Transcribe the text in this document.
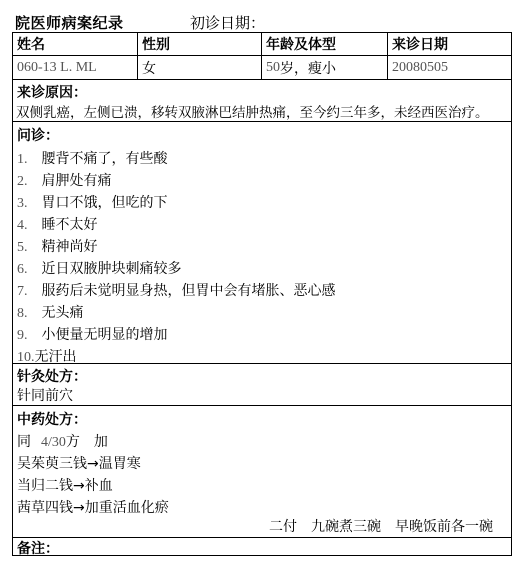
院医师病案纪录	初诊日期：
姓名	性别	年龄及体型	来诊日期
060-13 L. ML	女	50 岁，瘦小	20080505
来诊原因：
双侧乳癌，左侧已溃，移转双腋淋巴结肿热痛，至今约三年多，未经西医治疗。
问诊：
1. 腰背不痛了，有些酸
2. 肩胛处有痛
3. 胃口不饿，但吃的下
4. 睡不太好
5. 精神尚好
6. 近日双腋肿块刺痛较多
7. 服药后未觉明显身热，但胃中会有堵胀、恶心感
8. 无头痛
9. 小便量无明显的增加
10.无汗出
针灸处方：
针同前穴
中药处方：
同 4/30方 加
吴茱萸三钱→温胃寒
当归二钱→补血
茜草四钱→加重活血化瘀
二付 九碗煮三碗 早晚饭前各一碗
备注：
